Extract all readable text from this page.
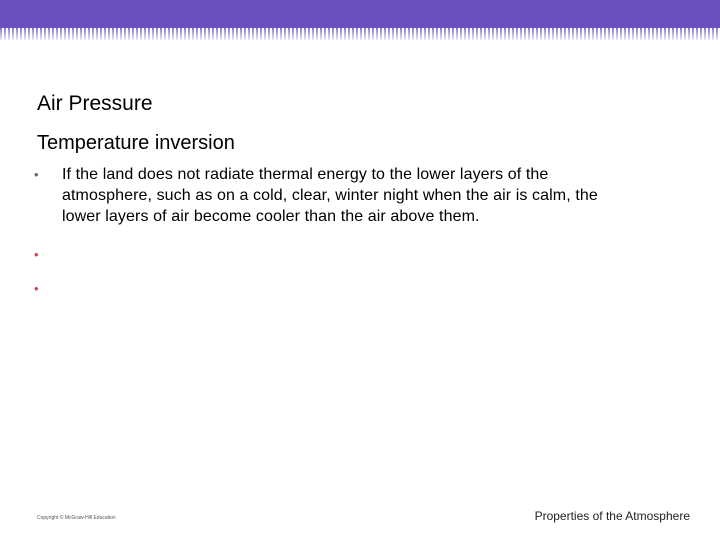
Air Pressure
Temperature inversion
• If the land does not radiate thermal energy to the lower layers of the atmosphere, such as on a cold, clear, winter night when the air is calm, the lower layers of air become cooler than the air above them.
•
•
Copyright © McGraw-Hill Education	Properties of the Atmosphere
